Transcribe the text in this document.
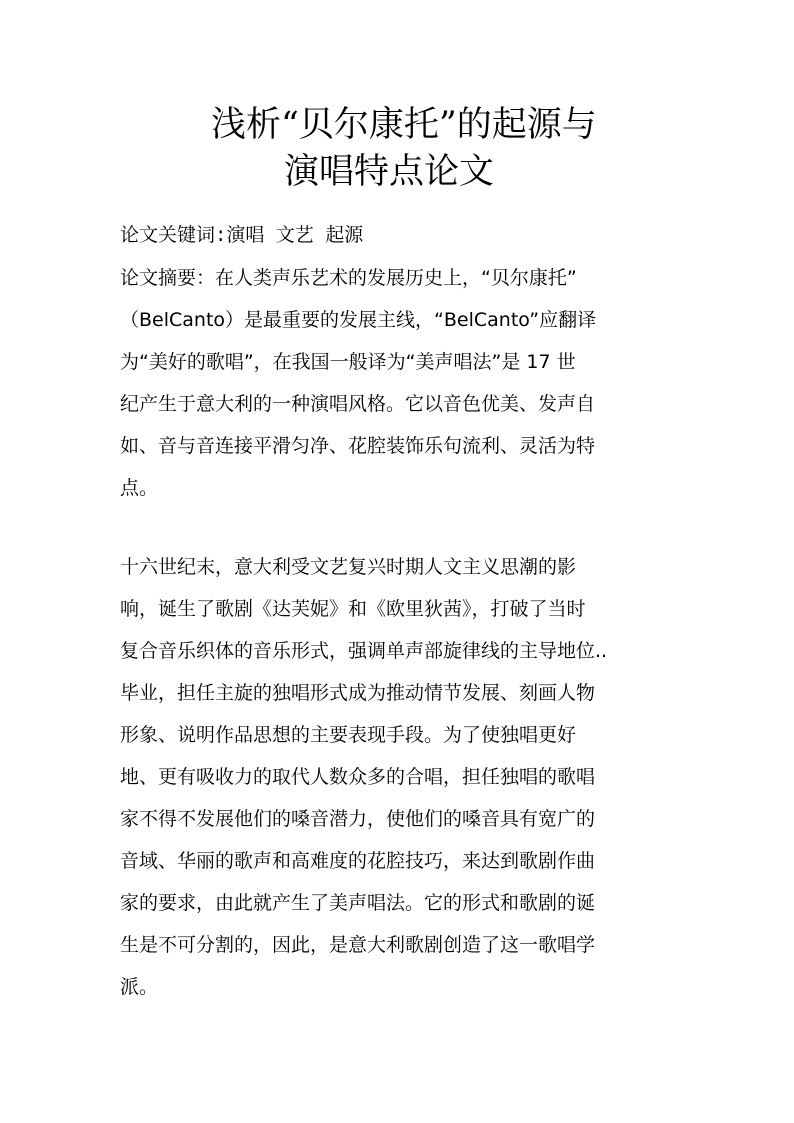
浅析“贝尔康托”的起源与
演唱特点论文
论文关键词:演唱 文艺 起源
论文摘要：在人类声乐艺术的发展历史上，“贝尔康托”
（BelCanto）是最重要的发展主线，“BelCanto”应翻译
为“美好的歌唱”，在我国一般译为“美声唱法”是 17 世
纪产生于意大利的一种演唱风格。它以音色优美、发声自
如、音与音连接平滑匀净、花腔装饰乐句流利、灵活为特
点。
十六世纪末，意大利受文艺复兴时期人文主义思潮的影
响，诞生了歌剧《达芙妮》和《欧里狄茜》，打破了当时
复合音乐织体的音乐形式，强调单声部旋律线的主导地位..
毕业，担任主旋的独唱形式成为推动情节发展、刻画人物
形象、说明作品思想的主要表现手段。为了使独唱更好
地、更有吸收力的取代人数众多的合唱，担任独唱的歌唱
家不得不发展他们的嗓音潜力，使他们的嗓音具有宽广的
音域、华丽的歌声和高难度的花腔技巧，来达到歌剧作曲
家的要求，由此就产生了美声唱法。它的形式和歌剧的诞
生是不可分割的，因此，是意大利歌剧创造了这一歌唱学
派。
